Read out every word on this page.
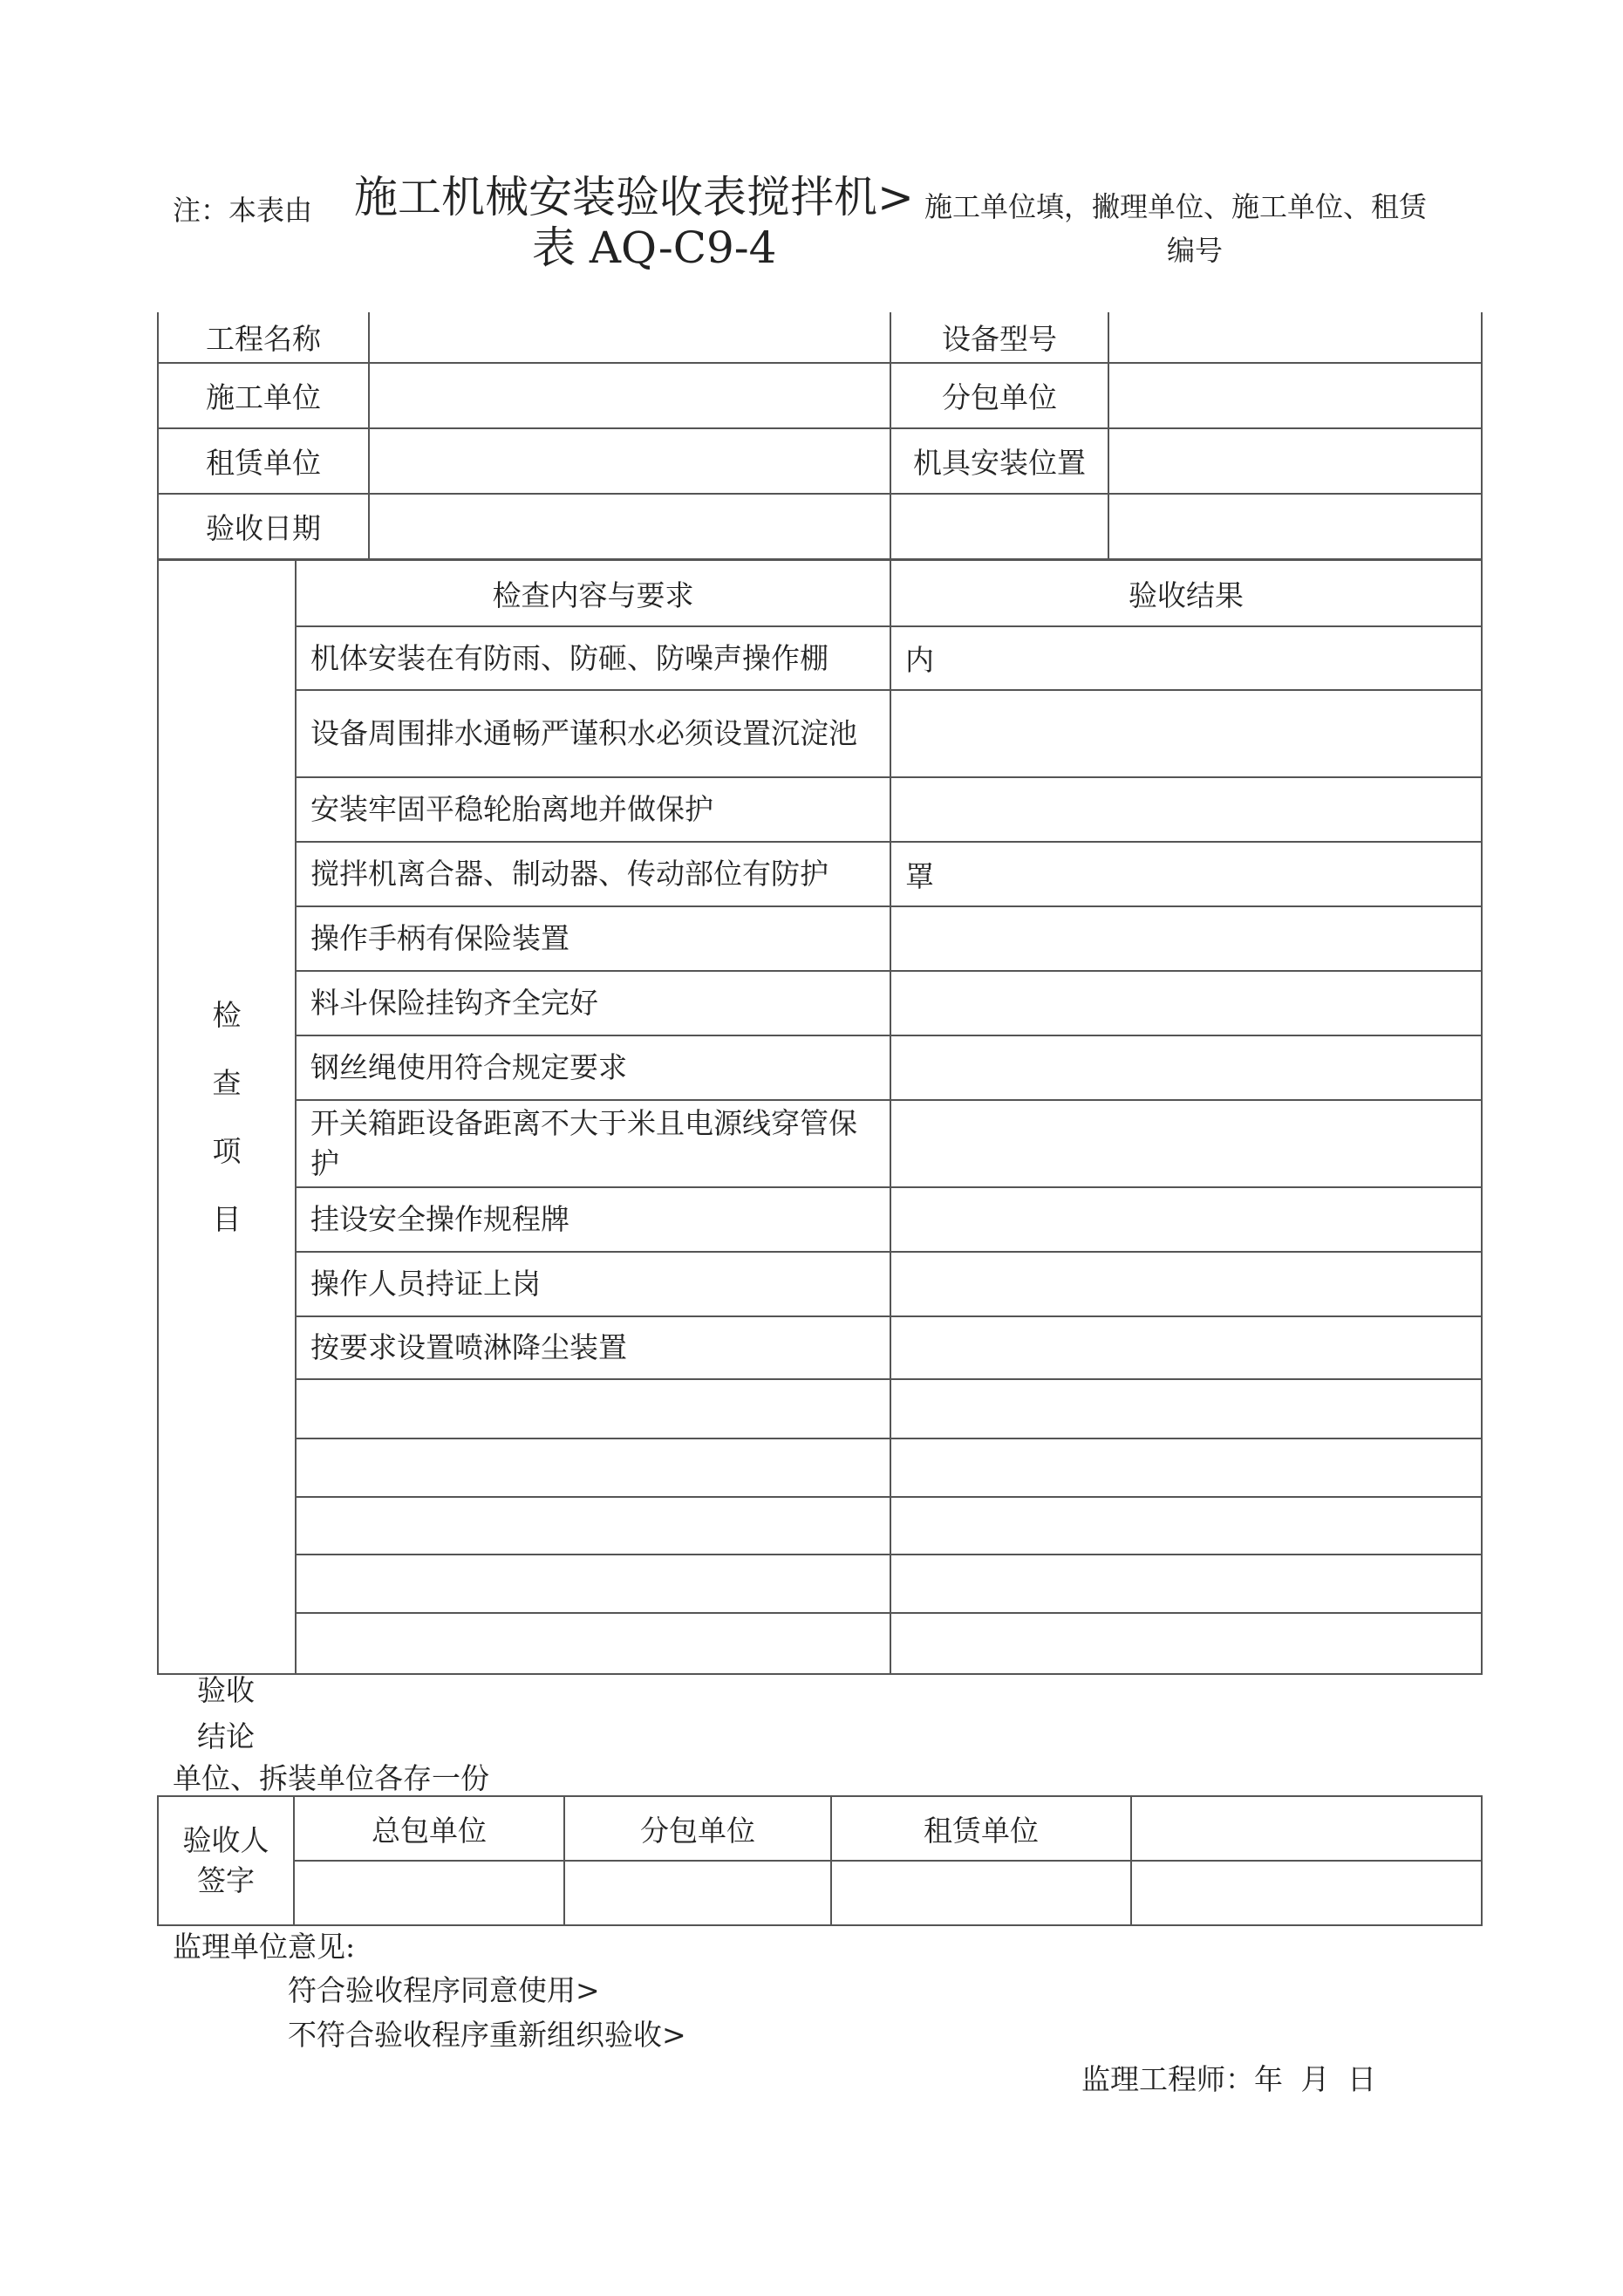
注：本表由 施工机械安装验收表搅拌机>
表 AQ-C9-4
施工单位填，撇理单位、施工单位、租赁
编号
工程名称		设备型号	
施工单位		分包单位	
租赁单位		机具安装位置	
验收日期			
检
查
项
目	检查内容与要求	验收结果
	机体安装在有防雨、防砸、防噪声操作棚	内
	设备周围排水通畅严谨积水必须设置沉淀池	
	安装牢固平稳轮胎离地并做保护	
	搅拌机离合器、制动器、传动部位有防护	罩
	操作手柄有保险装置	
	料斗保险挂钩齐全完好	
	钢丝绳使用符合规定要求	
	开关箱距设备距离不大于米且电源线穿管保护	
	挂设安全操作规程牌	
	操作人员持证上岗	
	按要求设置喷淋降尘装置	

验收
结论
单位、拆装单位各存一份
验收人
签字	总包单位	分包单位	租赁单位	

监理单位意见:
符合验收程序同意使用>
不符合验收程序重新组织验收>
监理工程师：年 月 日
